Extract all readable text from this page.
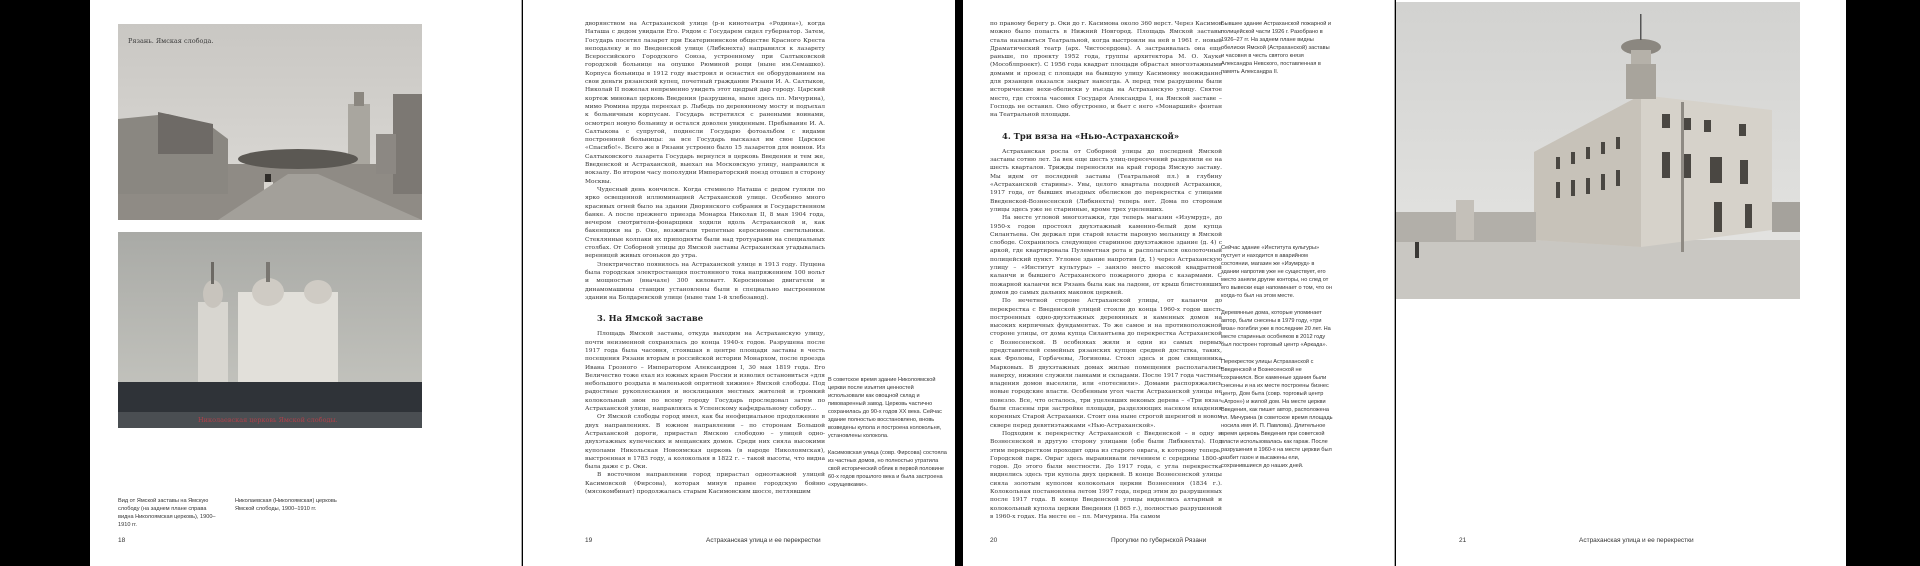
Рязань. Ямская слобода.
Николаевская церковь Ямской слободы.
Вид от Ямской заставы на Ямскую слободу (на заднем плане справа видна Николоямская церковь), 1900–1910 гг.
Николаевская (Николоямская) церковь Ямской слободы, 1900–1910 гг.
18

дворянством на Астраханской улице (р-н кинотеатра «Родина»), когда Наташа с дедом увидали Его. Рядом с Государем сидел губернатор. Затем, Государь посетил лазарет при Екатерининском обществе Красного Креста неподалеку и по Введенской улице (Либкнехта) направился к лазарету Всероссийского Городского Союза, устроенному при Салтыковской городской больнице на опушке Рюминой рощи (ныне им.Семашко). Корпуса больницы в 1912 году выстроил и оснастил ее оборудованием на свои деньги рязанский купец, почетный гражданин Рязани И. А. Салтыков, Николай II пожелал непременно увидеть этот щедрый дар городу. Царский кортеж миновал церковь Введения (разрушена, ныне здесь пл. Мичурина), мимо Рюмина пруда переехал р. Лыбедь по деревянному мосту и подъехал к больничным корпусам. Государь встретился с ранеными воинами, осмотрел новую больницу и остался доволен увиденным. Пребывание И. А. Салтыкова с супругой, поднесли Государю фотоальбом с видами построенной больницы: за все Государь высказал им свое Царское «Спасибо!». Всего же в Рязани устроено было 15 лазаретов для воинов. Из Салтыковского лазарета Государь вернулся в церковь Введения и тем же, Введенской и Астраханской, выехал на Московскую улицу, направился к вокзалу. Во втором часу пополудни Императорский поезд отошел в сторону Москвы.

Чудесный день кончился. Когда стемнело Наташа с дедом гуляли по ярко освещенной иллюминацией Астраханской улице. Особенно много красивых огней было на здании Дворянского собрания и Государственном банке. А после прежнего приезда Монарха Николая II, 8 мая 1904 года, вечером смотрители-фонарщики ходили вдоль Астраханской и, как бакенщики на р. Оке, возжигали трепетные керосиновые светильники. Стеклянные колпаки их приподняты были над тротуарами на специальных столбах. От Соборной улицы до Ямской заставы Астраханская угадывалась вереницей живых огоньков до утра.

Электричество появилось на Астраханской улице в 1913 году. Пущена была городская электростанция постоянного тока напряжением 100 вольт и мощностью (вначале) 300 киловатт. Керосиновые двигатели и динамомашины станции установлены были в специально выстроенном здании на Болдаревской улице (ныне там 1-й хлебозавод).

3. На Ямской заставе

Площадь Ямской заставы, откуда выходим на Астраханскую улицу, почти неизменной сохранялась до конца 1940-х годов. Разрушена после 1917 года была часовня, стоявшая в центре площади заставы в честь посещения Рязани вторым в российской истории Монархом, после проезда Ивана Грозного – Императором Александром I, 30 мая 1819 года. Его Величество тоже ехал из южных краев России и изволил остановиться «для небольшого роздыха в маленькой опрятной хижине» Ямской слободы. Под радостные рукоплескания и восклицания местных жителей и громкий колокольный звон по всему городу Государь проследовал затем по Астраханской улице, направляясь к Успенскому кафедральному собору...

От Ямской слободы город имел, как бы неофициальное продолжение в двух направлениях. В южном направлении – по сторонам Большой Астраханской дороги, прирастал Ямскою слободою – улицей одно-двухэтажных купеческих и мещанских домов. Среди них сияла высокими куполами Никольская Новоямская церковь (в народе Николоямская), выстроенная в 1783 году, а колокольня в 1822 г. – такой высоты, что видна была даже с р. Оки.

В восточном направлении город прирастал одноэтажной улицей Касимовской (Фирсова), которая минуя правее городскую бойню (мясокомбинат) продолжалась старым Касимовским шоссе, петлявшим

В советское время здание Николоямской церкви после изъятия ценностей использовали как овощной склад и пивоваренный завод. Церковь частично сохранилась до 90-х годов XX века. Сейчас здание полностью восстановлено, вновь возведены купола и построена колокольня, установлены колокола.

Касимовская улица (совр. Фирсова) состояла из частных домов, но полностью утратила свой исторический облик в первой половине 60-х годов прошлого века и была застроена «хрущевками».

19	Астраханская улица и ее перекрестки

по правому берегу р. Оки до г. Касимова около 360 верст. Через Касимов можно было попасть в Нижний Новгород. Площадь Ямской заставы стала называться Театральной, когда выстроили на ней в 1961 г. новый Драматический театр (арх. Чистосердова). А застраивалась она еще раньше, по проекту 1952 года, группы архитектора М. О. Хауке (Мособлпроект). С 1956 года квадрат площади обрастал многоэтажными домами и проезд с площади на бывшую улицу Касимовку неожиданно для рязанцев оказался закрыт навсегда. А перед тем разрушены были исторические вехи-обелиски у въезда на Астраханскую улицу. Святое место, где стояла часовня Государя Александра I, на Ямской заставе – Господь не оставил. Оно обустроено, и бьет с него «Монарший» фонтан на Театральной площади.

4. Три вяза на «Нью-Астраханской»

Астраханская росла от Соборной улицы до последней Ямской заставы сотню лет. За век еще шесть улиц-пересечений разделили ее на шесть кварталов. Трижды переносили на край города Ямскую заставу. Мы идем от последней заставы (Театральной пл.) в глубину «Астраханской старины». Увы, целого квартала поздней Астраханки, 1917 года, от бывших въездных обелисков до перекрестка с улицами Введенской-Вознесенской (Либкнехта) теперь нет. Дома по сторонам улицы здесь уже не старинные, кроме трех уцелевших.

На месте угловой многоэтажки, где теперь магазин «Изумруд», до 1950-х годов простоял двухэтажный каменно-белый дом купца Силантьева. Он держал при старой власти паровую мельницу в Ямской слободе. Сохранилось следующее старинное двухэтажное здание (д. 4) с аркой, где квартировала Пулеметная рота и располагался околоточный полицейский пункт. Угловое здание напротив (д. 1) через Астраханскую улицу – «Институт культуры» – заняло место высокой квадратной каланчи и бывшего Астраханского пожарного двора с казармами. С пожарной каланчи вся Рязань была как на ладони, от крыш блистоявших домов до самых дальних маковок церквей.

По нечетной стороне Астраханской улицы, от каланчи до перекрестка с Введенской улицей стояли до конца 1960-х годов шесть построенных одно-двухэтажных деревянных и каменных домов на высоких кирпичных фундаментах. То же самое и на противоположной стороне улицы, от дома купца Силантьева до перекрестка Астраханской с Вознесенской. В особняках жили и одни из самых первых представителей семейных рязанских купцов средней достатка, таких, как Фроловы, Горбачевы, Логиновы. Стоял здесь и дом священника Марковых. В двухэтажных домах жилые помещения располагались наверху, нижние служили лавками и складами. После 1917 года частные владения домов выселили, или «потеснили». Домами распоряжались новые городские власти. Особенным угол части Астраханской улицы не повезло. Все, что осталось, три уцелевших вековых дерева – «Три вяза» были спасены при застройке площади, разделяющих насеком владения коренных Старой Астраханки. Стоит она ныне строгой шеренгой в новом сквере перед девятиэтажками «Нью-Астраханской».

Подходим к перекрестку Астраханской с Введенской – в одну и Вознесенской в другую сторону улицами (обе были Либкнехта). Под этим перекрестком проходит одна из старого оврага, к которому теперь, Городской парк. Овраг здесь выравнивали лечением с середины 1800-х годов. До этого были местности. До 1917 года, с угла перекрестка виднелись здесь три купола двух церквей. В конце Вознесенской улицы сияла золотым куполом колокольня церкви Вознесения (1834 г.). Колокольная постановлена летом 1997 года, перед этим до разрушенных после 1917 года. В конце Введенской улицы виднелись алтарный и колокольный купола церкви Введения (1865 г.), полностью разрушенной в 1960-х годах. На месте ее – пл. Мичурина. На самом

Бывшее здание Астраханской пожарной и полицейской части 1926 г. Разобрано в 1926–27 гг. На заднем плане видны обелиски Ямской (Астраханской) заставы и часовня в честь святого князя Александра Невского, поставленная в память Александра II.

Сейчас здание «Института культуры» пустует и находится в аварийном состоянии, магазин же «Изумруд» в здании напротив уже не существует, его место заняли другие конторы, но след от его вывески еще напоминает о том, что он когда-то был на этом месте.

Деревянные дома, которые упоминает автор, были снесены в 1979 году, «три вяза» погибли уже в последние 20 лет. На месте старинных особняков в 2012 году был построен торговый центр «Аркада».

Перекресток улицы Астраханской с Введенской и Вознесенской не сохранился. Все каменные здания были снесены и на их месте построены бизнес центр, Дом быта (совр. торговый центр «Атрон») и жилой дом. На месте церкви Введения, как пишет автор, расположена пл. Мичурина (в советское время площадь носила имя И. П. Павлова). Длительное время церковь Введения при советской власти использовалась как гараж. После разрушения в 1960-х на месте церкви был разбит газон и высажены ели, сохранившиеся до наших дней.

20	Прогулки по губернской Рязани	21	Астраханская улица и ее перекрестки
